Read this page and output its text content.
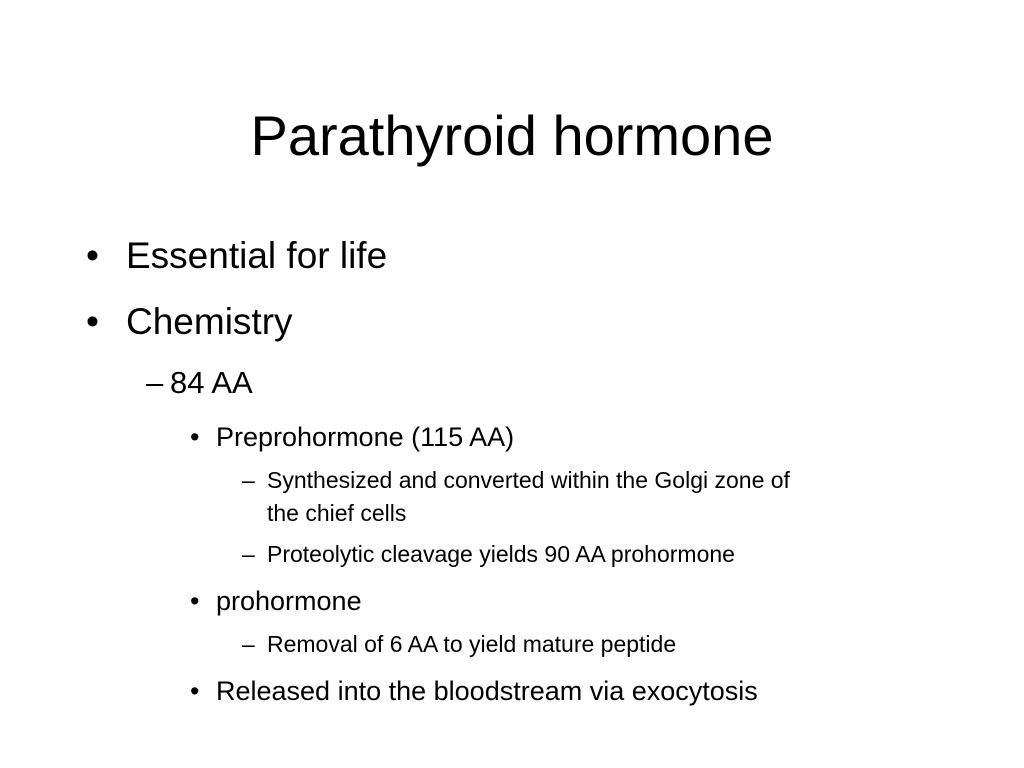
Parathyroid hormone
• Essential for life
• Chemistry
– 84 AA
• Preprohormone (115 AA)
– Synthesized and converted within the Golgi zone of
the chief cells
– Proteolytic cleavage yields 90 AA prohormone
• prohormone
– Removal of 6 AA to yield mature peptide
• Released into the bloodstream via exocytosis
